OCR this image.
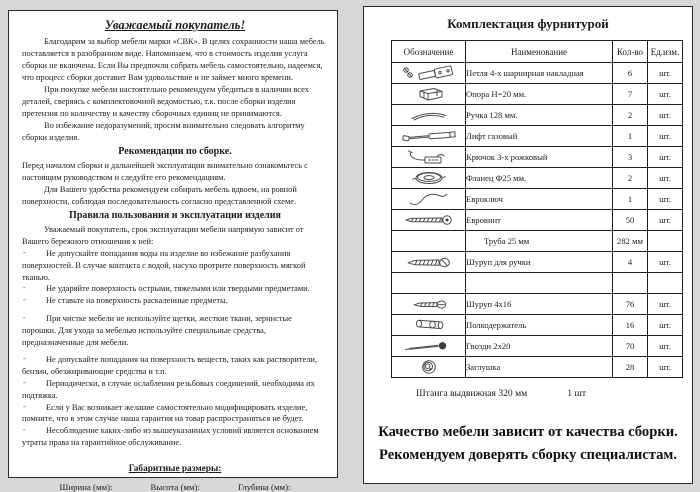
Уважаемый покупатель!

Благодарим за выбор мебели марки «СВК». В целях сохранности наша мебель поставляется в разобранном виде. Напоминаем, что в стоимость изделия услуга сборки не включена. Если Вы предпочли собрать мебель самостоятельно, надеемся, что процесс сборки доставит Вам удовольствие и не займет много времени.

При покупке мебели настоятельно рекомендуем убедиться в наличии всех деталей, сверяясь с комплектовочной ведомостью, т.к. после сборки изделия претензия по количеству и качеству сборочных единиц не принимаются.

Во избежание недоразумений, просим внимательно следовать алгоритму сборки изделия.

Рекомендации по сборке.

Перед началом сборки и дальнейшей эксплуатации внимательно ознакомьтесь с настоящим руководством и следуйте его рекомендациям.

Для Вашего удобства рекомендуем собирать мебель вдвоем, на ровной поверхности, соблюдая последовательность согласно представленной схеме.

Правила пользования и эксплуатации изделия

Уважаемый покупатель, срок эксплуатации мебели напрямую зависит от Вашего бережного отношения к ней:

- Не допускайте попадания воды на изделие во избежание разбухания поверхностей. В случае контакта с водой, насухо протрите поверхность мягкой тканью.

- Не ударяйте поверхность острыми, тяжелыми или твердыми предметами.

- Не ставьте на поверхность раскаленные предметы.

- При чистке мебели не используйте щетки, жесткие ткани, зернистые порошки. Для ухода за мебелью используйте специальные средства, предназначенные для мебели.

- Не допускайте попадания на поверхность веществ, таких как растворители, бензин, обезжиривающие средства и т.п.

- Периодически, в случае ослабления резьбовых соединений, необходима их подтяжка.

- Если у Вас возникает желание самостоятельно модифицировать изделие, помните, что в этом случае наша гарантия на товар распространяться не будет.

- Несоблюдение каких-либо из вышеуказанных условий является основанием утраты права на гарантийное обслуживание.

Габаритные размеры:
Ширина (мм):	Высота (мм):	Глубина (мм):
Комплектация фурнитурой
Обозначение	Наименование	Кол-во	Ед.изм.

	Петля 4-х шарнирная накладная	6	шт.

	Опора Н=20 мм.	7	шт.

	Ручка 128 мм.	2	шт.

	Лифт газовый	1	шт.

	Крючок 3-х рожковый	3	шт.

	Фланец Ф25 мм.	2	шт.

	Евроключ	1	шт.

	Евровинт	50	шт.
	Труба 25 мм	282 мм	

	Шуруп для ручки	4	шт.

	Шуруп 4x16	76	шт.

	Полкодержатель	16	шт.

	Гвозди 2x20	70	шт.

	Заглушка	28	шт.
Штанга выдвижная 320 мм	1 шт
Качество мебели зависит от качества сборки.
Рекомендуем доверять сборку специалистам.
